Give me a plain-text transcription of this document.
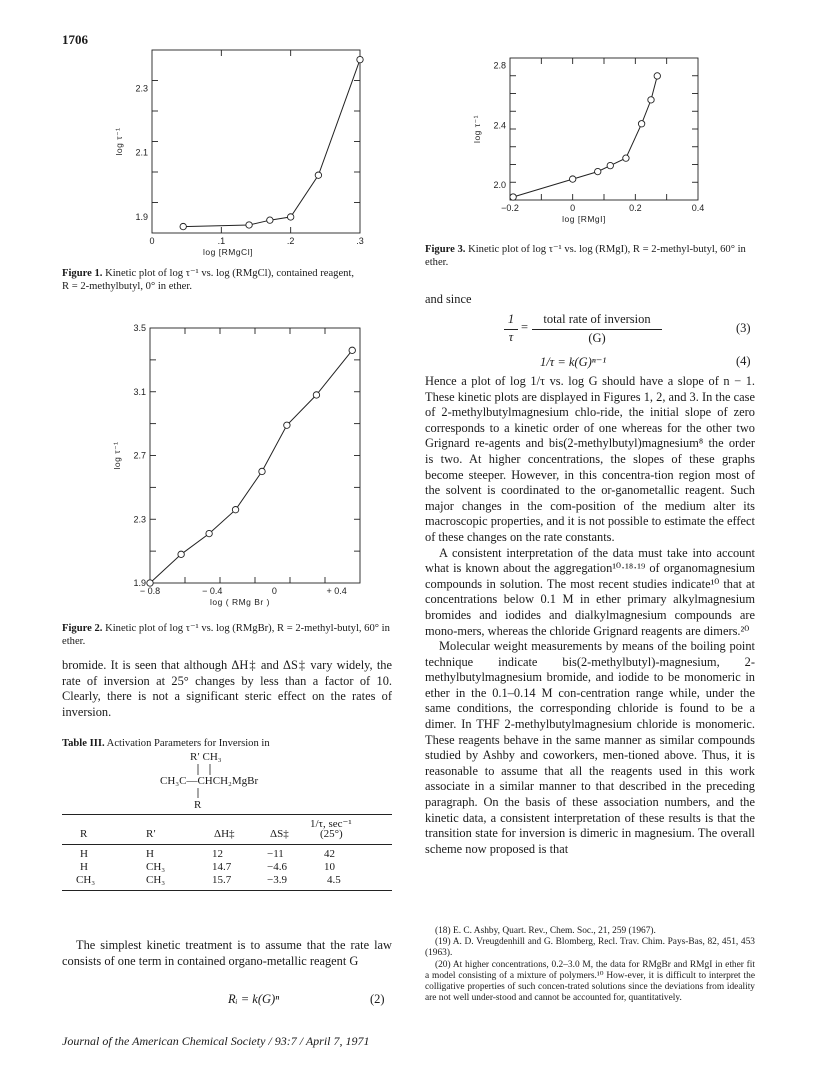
1706
2.3
2.1
1.9
0	.1	.2	.3
log [RMgCl]
log τ⁻¹
Figure 1. Kinetic plot of log τ⁻¹ vs. log (RMgCl), contained reagent, R = 2-methylbutyl, 0° in ether.
3.5
3.1
2.7
2.3
1.9
− 0.8	− 0.4	0	+ 0.4
log ( RMg Br )
log τ⁻¹
Figure 2. Kinetic plot of log τ⁻¹ vs. log (RMgBr), R = 2-methyl-butyl, 60° in ether.

bromide. It is seen that although ΔH‡ and ΔS‡ vary widely, the rate of inversion at 25° changes by less than a factor of 10. Clearly, there is not a significant steric effect on the rates of inversion.

Table III. Activation Parameters for Inversion in
R′ CH₃
CH₃C—CHCH₂MgBr
R
1/τ, sec⁻¹
R	R′	ΔH‡	ΔS‡	(25°)
H	H	12	−11	42
H	CH₃	14.7	−4.6	10
CH₃	CH₃	15.7	−3.9	4.5

The simplest kinetic treatment is to assume that the rate law consists of one term in contained organo-metallic reagent G

Rᵢ = k(G)ⁿ	(2)
Journal of the American Chemical Society / 93:7 / April 7, 1971
2.8
2.4
2.0
−0.2	0	0.2	0.4
log [RMgI]
log τ⁻¹
Figure 3. Kinetic plot of log τ⁻¹ vs. log (RMgI), R = 2-methyl-butyl, 60° in ether.
and since
1
τ
=
total rate of inversion
(G)
(3)
1/τ = k(G)ⁿ⁻¹	(4)

Hence a plot of log 1/τ vs. log G should have a slope of n − 1. These kinetic plots are displayed in Figures 1, 2, and 3. In the case of 2-methylbutylmagnesium chlo-ride, the initial slope of zero corresponds to a kinetic order of one whereas for the other two Grignard re-agents and bis(2-methylbutyl)magnesium⁸ the order is two. At higher concentrations, the slopes of these graphs become steeper. However, in this concentra-tion region most of the solvent is coordinated to the or-ganometallic reagent. Such major changes in the com-position of the medium alter its macroscopic properties, and it is not possible to estimate the effect of these changes on the rate constants.

A consistent interpretation of the data must take into account what is known about the aggregation¹⁰·¹⁸·¹⁹ of organomagnesium compounds in solution. The most recent studies indicate¹⁰ that at concentrations below 0.1 M in ether primary alkylmagnesium bromides and iodides and dialkylmagnesium compounds are mono-mers, whereas the chloride Grignard reagents are dimers.²⁰

Molecular weight measurements by means of the boiling point technique indicate bis(2-methylbutyl)-magnesium, 2-methylbutylmagnesium bromide, and iodide to be monomeric in ether in the 0.1–0.14 M con-centration range while, under the same conditions, the corresponding chloride is found to be a dimer. In THF 2-methylbutylmagnesium chloride is monomeric. These reagents behave in the same manner as similar compounds studied by Ashby and coworkers, men-tioned above. Thus, it is reasonable to assume that all the reagents used in this work associate in a similar manner to that described in the preceding paragraph. On the basis of these association numbers, and the kinetic data, a consistent interpretation of these results is that the transition state for inversion is dimeric in magnesium. The overall scheme now proposed is that

(18) E. C. Ashby, Quart. Rev., Chem. Soc., 21, 259 (1967).

(19) A. D. Vreugdenhill and G. Blomberg, Recl. Trav. Chim. Pays-Bas, 82, 451, 453 (1963).

(20) At higher concentrations, 0.2–3.0 M, the data for RMgBr and RMgI in ether fit a model consisting of a mixture of polymers.¹⁰ How-ever, it is difficult to interpret the colligative properties of such concen-trated solutions since the deviations from ideality are not well under-stood and cannot be accounted for, quantitatively.
